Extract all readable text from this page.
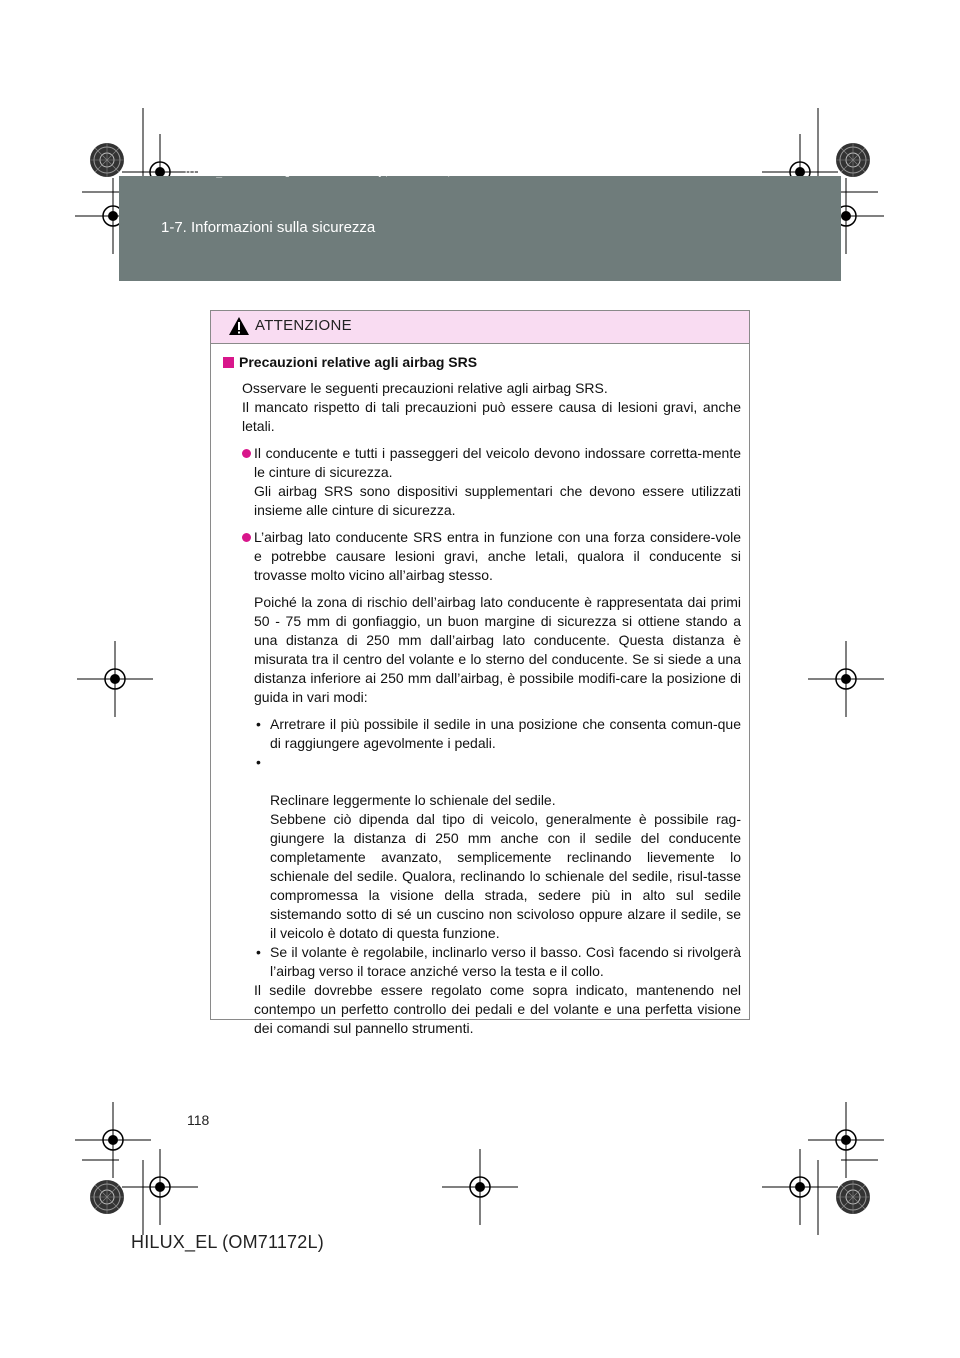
HILUX_EL.book Page 118 Wednesday, March 23, 2011 3:30 PM
1-7. Informazioni sulla sicurezza
ATTENZIONE
Precauzioni relative agli airbag SRS
Osservare le seguenti precauzioni relative agli airbag SRS.
Il mancato rispetto di tali precauzioni può essere causa di lesioni gravi, anche letali.

Il conducente e tutti i passeggeri del veicolo devono indossare corretta-mente le cinture di sicurezza.

Gli airbag SRS sono dispositivi supplementari che devono essere utilizzati insieme alle cinture di sicurezza.

L’airbag lato conducente SRS entra in funzione con una forza considere-vole e potrebbe causare lesioni gravi, anche letali, qualora il conducente si trovasse molto vicino all’airbag stesso.

Poiché la zona di rischio dell’airbag lato conducente è rappresentata dai primi 50 - 75 mm di gonfiaggio, un buon margine di sicurezza si ottiene stando a una distanza di 250 mm dall’airbag lato conducente. Questa distanza è misurata tra il centro del volante e lo sterno del conducente. Se si siede a una distanza inferiore ai 250 mm dall’airbag, è possibile modifi-care la posizione di guida in vari modi:
• Arretrare il più possibile il sedile in una posizione che consenta comun-que di raggiungere agevolmente i pedali.

•

Reclinare leggermente lo schienale del sedile.
Sebbene ciò dipenda dal tipo di veicolo, generalmente è possibile rag-giungere la distanza di 250 mm anche con il sedile del conducente completamente avanzato, semplicemente reclinando lievemente lo schienale del sedile. Qualora, reclinando lo schienale del sedile, risul-tasse compromessa la visione della strada, sedere più in alto sul sedile sistemando sotto di sé un cuscino non scivoloso oppure alzare il sedile, se il veicolo è dotato di questa funzione.

• Se il volante è regolabile, inclinarlo verso il basso. Così facendo si rivolgerà l’airbag verso il torace anziché verso la testa e il collo.
Il sedile dovrebbe essere regolato come sopra indicato, mantenendo nel contempo un perfetto controllo dei pedali e del volante e una perfetta visione dei comandi sul pannello strumenti.
118
HILUX_EL (OM71172L)
